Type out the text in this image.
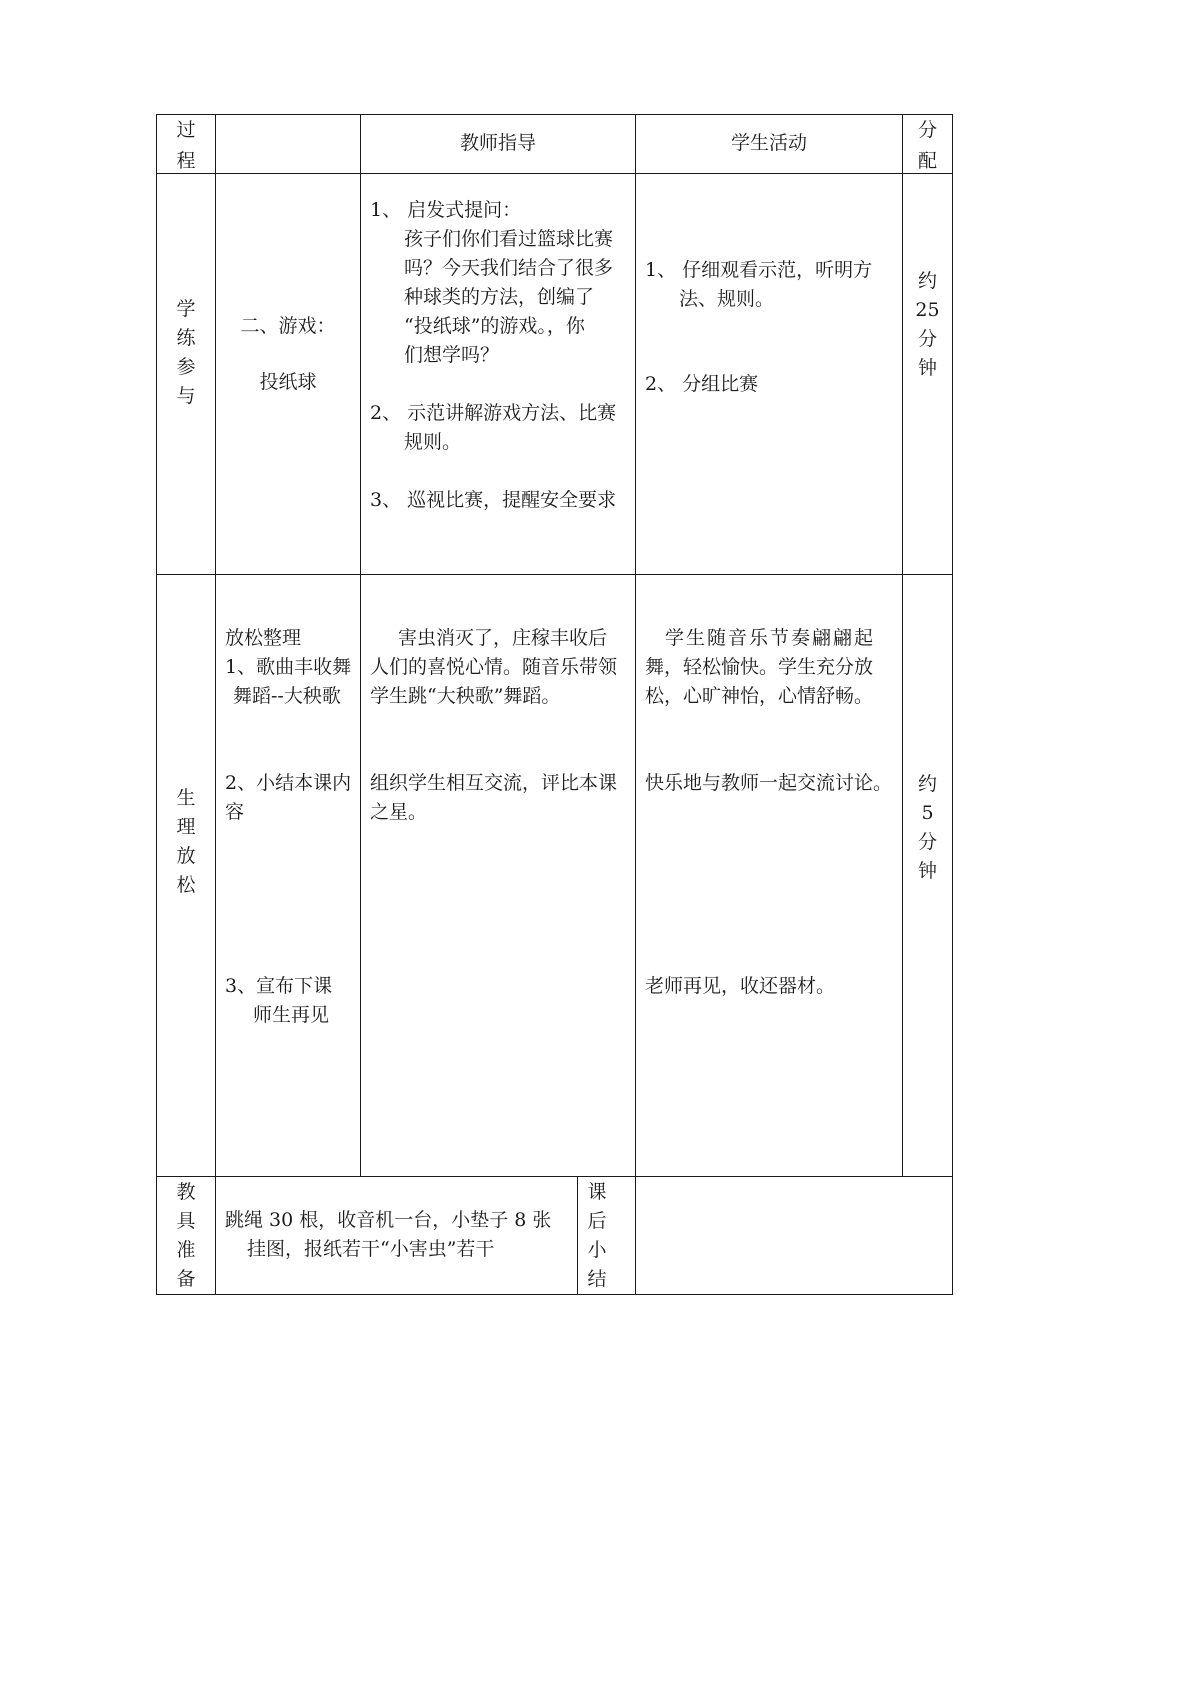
过
程
教师指导	学生活动
分
配
学
练
参
与

二、游戏：

投纸球

1、 启发式提问：

孩子们你们看过篮球比赛

吗？今天我们结合了很多

种球类的方法，创编了

“投纸球”的游戏。，你

们想学吗？

2、 示范讲解游戏方法、比赛

规则。

3、 巡视比赛，提醒安全要求

1、 仔细观看示范，听明方

法、规则。

2、 分组比赛

约
25
分
钟
生
理
放
松

放松整理

1、歌曲丰收舞

舞蹈--大秧歌

2、小结本课内

容

3、宣布下课

师生再见

害虫消灭了，庄稼丰收后

人们的喜悦心情。随音乐带领

学生跳“大秧歌”舞蹈。

组织学生相互交流，评比本课

之星。

学生随音乐节奏翩翩起

舞，轻松愉快。学生充分放

松，心旷神怡，心情舒畅。

快乐地与教师一起交流讨论。

老师再见，收还器材。

约
5
分
钟
教
具
准
备

跳绳 30 根，收音机一台，小垫子 8 张

挂图，报纸若干“小害虫”若干

课
后
小
结
